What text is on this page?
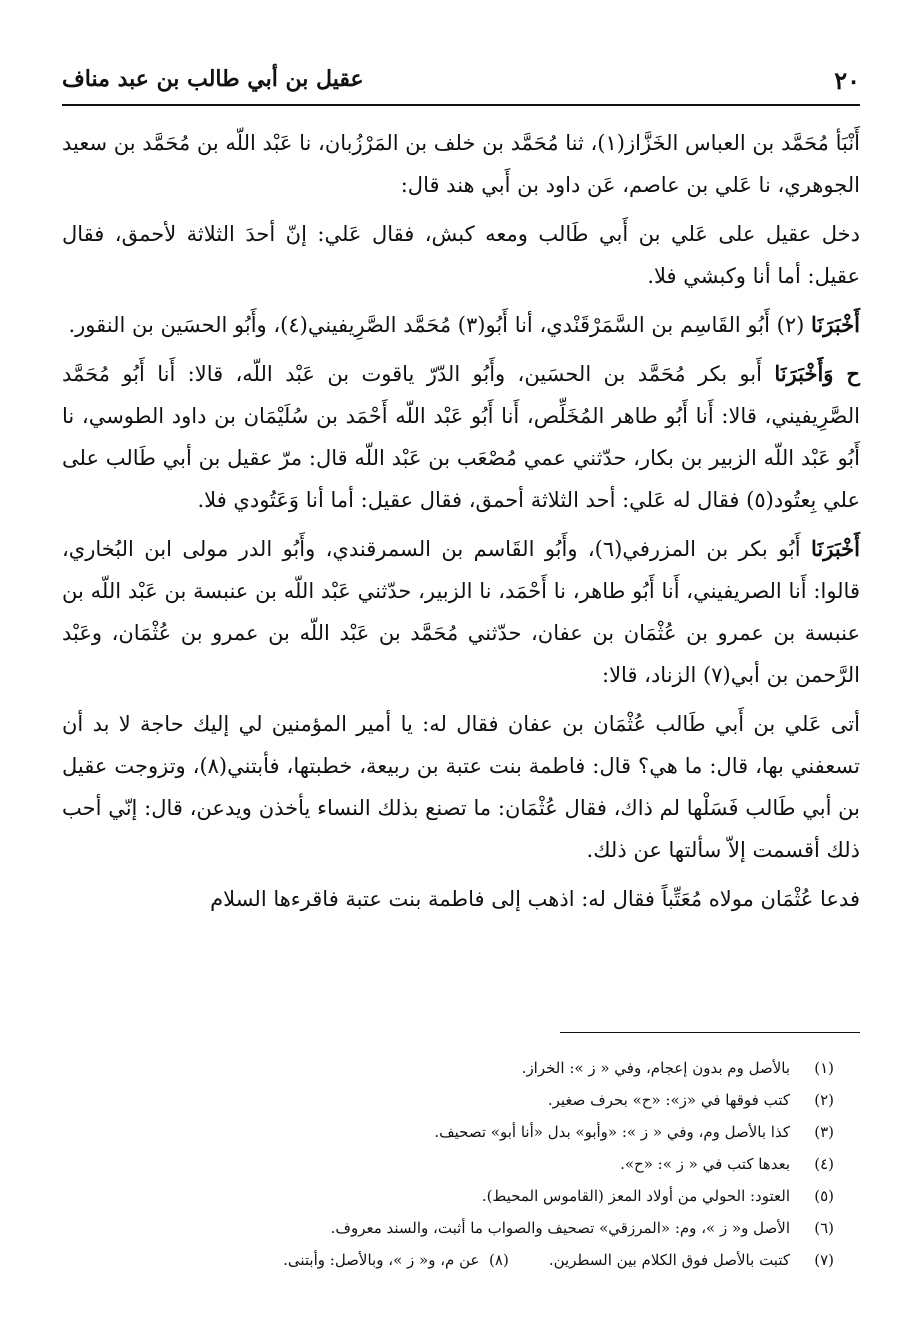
٢٠
عقيل بن أبي طالب بن عبد مناف

أَنْبَأ مُحَمَّد بن العباس الخَزَّاز(١)، ثنا مُحَمَّد بن خلف بن المَرْزُبان، نا عَبْد اللّه بن مُحَمَّد بن سعيد الجوهري، نا عَلي بن عاصم، عَن داود بن أَبي هند قال:

دخل عقيل على عَلي بن أَبي طَالب ومعه كبش، فقال عَلي: إنّ أحدَ الثلاثة لأحمق، فقال عقيل: أما أنا وكبشي فلا.

أَخْبَرَنَا (٢) أَبُو القَاسِم بن السَّمَرْقَنْدي، أنا أَبُو(٣) مُحَمَّد الصَّرِيفيني(٤)، وأَبُو الحسَين بن النقور.

ح وَأَخْبَرَنَا أَبو بكر مُحَمَّد بن الحسَين، وأَبُو الدّرّ ياقوت بن عَبْد اللّه، قالا: أَنا أَبُو مُحَمَّد الصَّرِيفيني، قالا: أَنا أَبُو طاهر المُخَلِّص، أَنا أَبُو عَبْد اللّه أَحْمَد بن سُلَيْمَان بن داود الطوسي، نا أَبُو عَبْد اللّه الزبير بن بكار، حدّثني عمي مُصْعَب بن عَبْد اللّه قال: مرّ عقيل بن أبي طَالب على علي بِعتُود(٥) فقال له عَلي: أحد الثلاثة أحمق، فقال عقيل: أما أنا وَعَتُودي فلا.

أَخْبَرَنَا أَبُو بكر بن المزرفي(٦)، وأَبُو القَاسم بن السمرقندي، وأَبُو الدر مولى ابن البُخاري، قالوا: أَنا الصريفيني، أَنا أَبُو طاهر، نا أَحْمَد، نا الزبير، حدّثني عَبْد اللّه بن عنبسة بن عَبْد اللّه بن عنبسة بن عمرو بن عُثْمَان بن عفان، حدّثني مُحَمَّد بن عَبْد اللّه بن عمرو بن عُثْمَان، وعَبْد الرَّحمن بن أبي(٧) الزناد، قالا:

أتى عَلي بن أَبي طَالب عُثْمَان بن عفان فقال له: يا أمير المؤمنين لي إليك حاجة لا بد أن تسعفني بها، قال: ما هي؟ قال: فاطمة بنت عتبة بن ربيعة، خطبتها، فأبتني(٨)، وتزوجت عقيل بن أبي طَالب فَسَلْها لم ذاك، فقال عُثْمَان: ما تصنع بذلك النساء يأخذن ويدعن، قال: إنّي أحب ذلك أقسمت إلاّ سألتها عن ذلك.

فدعا عُثْمَان مولاه مُعَتِّباً فقال له: اذهب إلى فاطمة بنت عتبة فاقرءها السلام

(١)
بالأصل وم بدون إعجام، وفي « ز »: الخراز.
(٢)
كتب فوقها في «ز»: «ح» بحرف صغير.
(٣)
كذا بالأصل وم، وفي « ز »: «وأبو» بدل «أنا أبو» تصحيف.
(٤)
بعدها كتب في « ز »: «ح».
(٥)
العتود: الحولي من أولاد المعز (القاموس المحيط).
(٦)
الأصل و« ز »، وم: «المرزقي» تصحيف والصواب ما أثبت، والسند معروف.
(٧)
كتبت بالأصل فوق الكلام بين السطرين.
(٨)

عن م، و« ز »، وبالأصل: وأبتنى.
